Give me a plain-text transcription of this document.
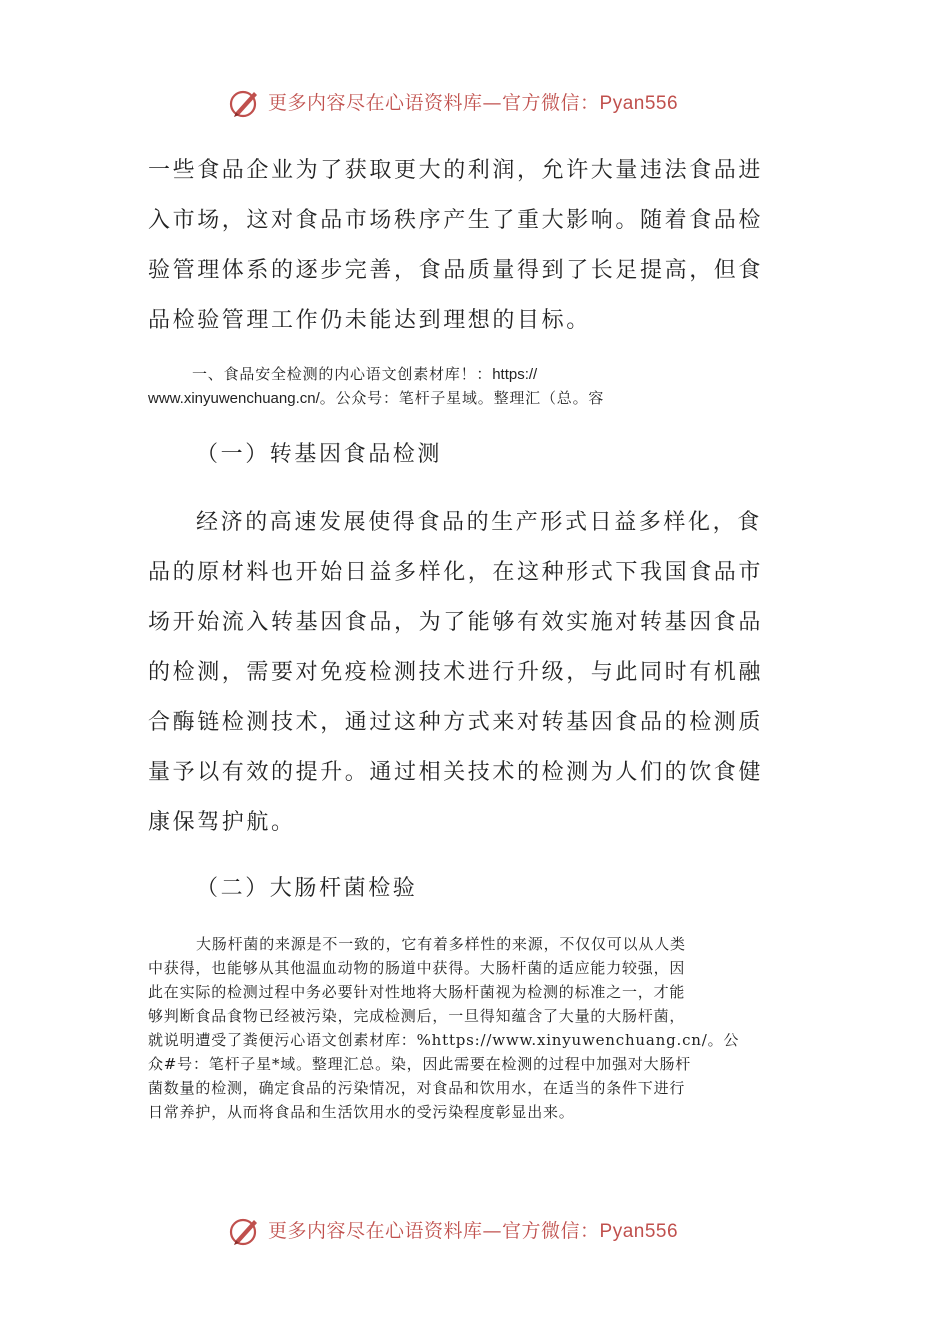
更多内容尽在心语资料库—官方微信：Pyan556
一些食品企业为了获取更大的利润，允许大量违法食品进
入市场，这对食品市场秩序产生了重大影响。随着食品检
验管理体系的逐步完善，食品质量得到了长足提高，但食
品检验管理工作仍未能达到理想的目标。
一、食品安全检测的内心语文创素材库！：https://
www.xinyuwenchuang.cn/。公众号：笔杆子星域。整理汇（总。容
（一）转基因食品检测
经济的高速发展使得食品的生产形式日益多样化，食
品的原材料也开始日益多样化，在这种形式下我国食品市
场开始流入转基因食品，为了能够有效实施对转基因食品
的检测，需要对免疫检测技术进行升级，与此同时有机融
合酶链检测技术，通过这种方式来对转基因食品的检测质
量予以有效的提升。通过相关技术的检测为人们的饮食健
康保驾护航。
（二）大肠杆菌检验
大肠杆菌的来源是不一致的，它有着多样性的来源，不仅仅可以从人类
中获得，也能够从其他温血动物的肠道中获得。大肠杆菌的适应能力较强，因
此在实际的检测过程中务必要针对性地将大肠杆菌视为检测的标准之一，才能
够判断食品食物已经被污染，完成检测后，一旦得知蕴含了大量的大肠杆菌，
就说明遭受了粪便污心语文创素材库：%https://www.xinyuwenchuang.cn/。公
众#号：笔杆子星*域。整理汇总。染，因此需要在检测的过程中加强对大肠杆
菌数量的检测，确定食品的污染情况，对食品和饮用水，在适当的条件下进行
日常养护，从而将食品和生活饮用水的受污染程度彰显出来。
更多内容尽在心语资料库—官方微信：Pyan556
